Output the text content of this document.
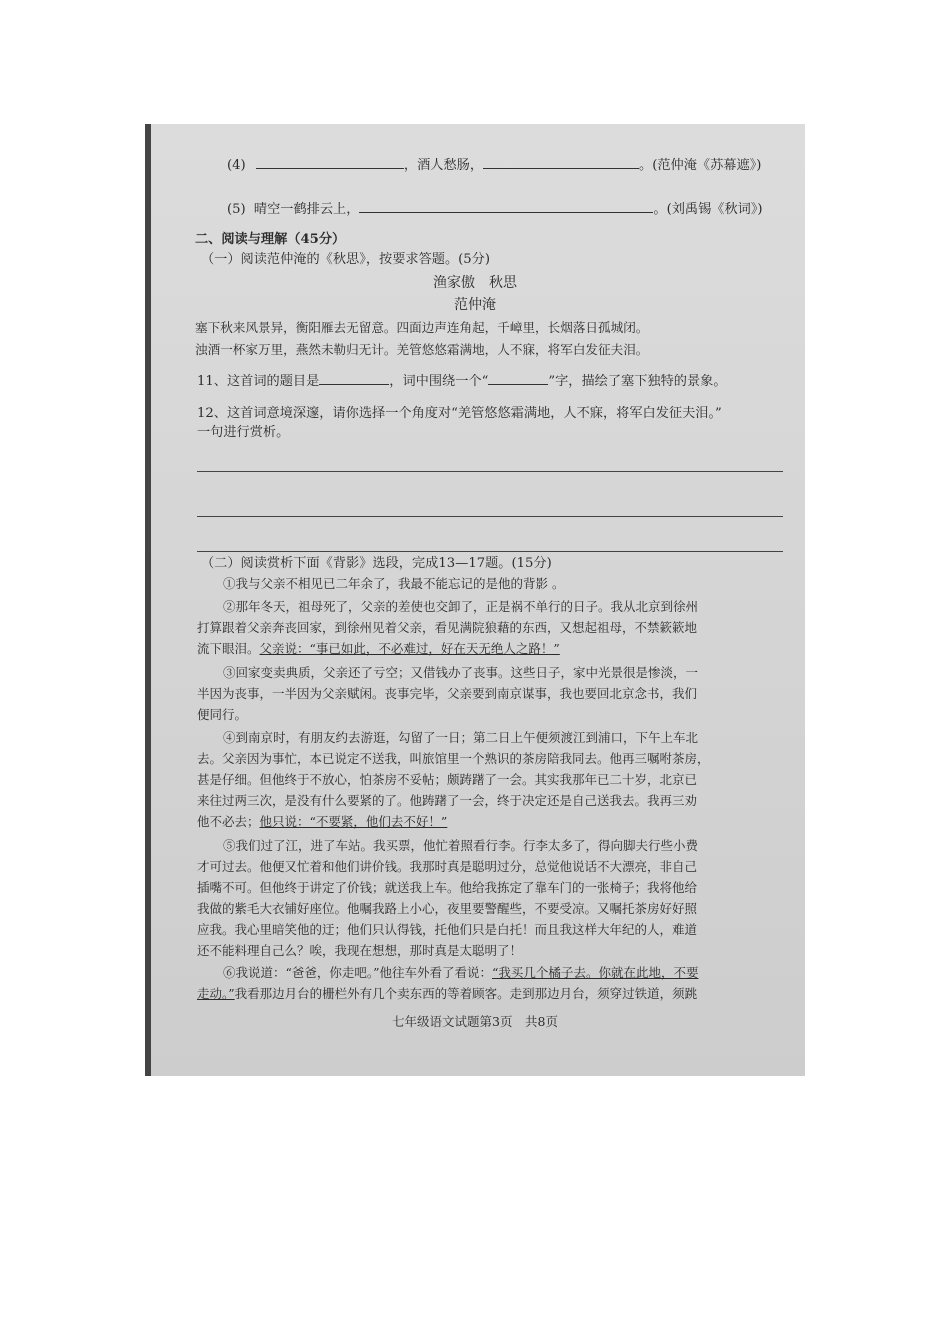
(4)	，酒人愁肠，	。(范仲淹《苏幕遮》)
(5) 晴空一鹤排云上，	。(刘禹锡《秋词》)
二、阅读与理解（45分）
（一）阅读范仲淹的《秋思》，按要求答题。(5分)
渔家傲　秋思
范仲淹
塞下秋来风景异，衡阳雁去无留意。四面边声连角起，千嶂里，长烟落日孤城闭。
浊酒一杯家万里，燕然未勒归无计。羌管悠悠霜满地，人不寐，将军白发征夫泪。
11、这首词的题目是	，词中围绕一个“	”字，描绘了塞下独特的景象。
12、这首词意境深邃，请你选择一个角度对“羌管悠悠霜满地，人不寐，将军白发征夫泪。”
一句进行赏析。
（二）阅读赏析下面《背影》选段，完成13—17题。(15分)
①我与父亲不相见已二年余了，我最不能忘记的是他的背影 。
②那年冬天，祖母死了，父亲的差使也交卸了，正是祸不单行的日子。我从北京到徐州
打算跟着父亲奔丧回家，到徐州见着父亲，看见满院狼藉的东西，又想起祖母，不禁簌簌地
流下眼泪。父亲说：“事已如此，不必难过，好在天无绝人之路！”
③回家变卖典质，父亲还了亏空；又借钱办了丧事。这些日子，家中光景很是惨淡，一
半因为丧事，一半因为父亲赋闲。丧事完毕，父亲要到南京谋事，我也要回北京念书，我们
便同行。
④到南京时，有朋友约去游逛，勾留了一日；第二日上午便须渡江到浦口，下午上车北
去。父亲因为事忙，本已说定不送我，叫旅馆里一个熟识的茶房陪我同去。他再三嘱咐茶房，
甚是仔细。但他终于不放心，怕茶房不妥帖；颇踌躇了一会。其实我那年已二十岁，北京已
来往过两三次，是没有什么要紧的了。他踌躇了一会，终于决定还是自己送我去。我再三劝
他不必去；他只说：“不要紧，他们去不好！”
⑤我们过了江，进了车站。我买票，他忙着照看行李。行李太多了，得向脚夫行些小费
才可过去。他便又忙着和他们讲价钱。我那时真是聪明过分，总觉他说话不大漂亮，非自己
插嘴不可。但他终于讲定了价钱；就送我上车。他给我拣定了靠车门的一张椅子；我将他给
我做的紫毛大衣铺好座位。他嘱我路上小心，夜里要警醒些，不要受凉。又嘱托茶房好好照
应我。我心里暗笑他的迂；他们只认得钱，托他们只是白托！而且我这样大年纪的人，难道
还不能料理自己么？唉，我现在想想，那时真是太聪明了！
⑥我说道：“爸爸，你走吧。”他往车外看了看说：“我买几个橘子去。你就在此地，不要
走动。”我看那边月台的栅栏外有几个卖东西的等着顾客。走到那边月台，须穿过铁道，须跳
七年级语文试题第3页　共8页
